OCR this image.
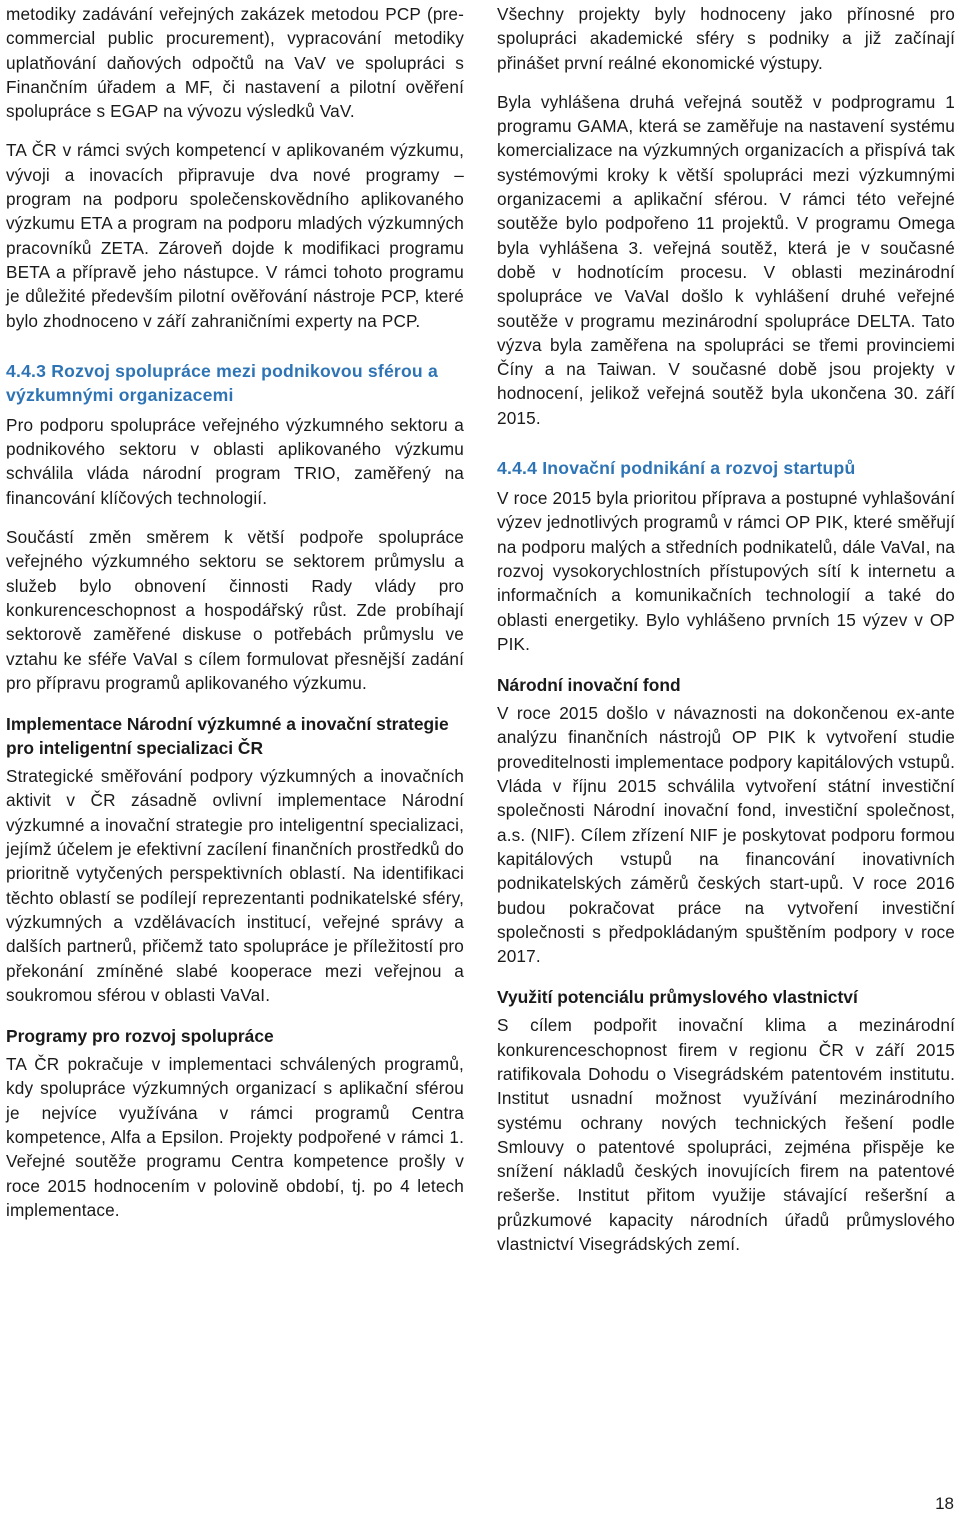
metodiky zadávání veřejných zakázek metodou PCP (pre-commercial public procurement), vypracování metodiky uplatňování daňových odpočtů na VaV ve spolupráci s Finančním úřadem a MF, či nastavení a pilotní ověření spolupráce s EGAP na vývozu výsledků VaV.

TA ČR v rámci svých kompetencí v aplikovaném výzkumu, vývoji a inovacích připravuje dva nové programy – program na podporu společenskovědního aplikovaného výzkumu ETA a program na podporu mladých výzkumných pracovníků ZETA. Zároveň dojde k modifikaci programu BETA a přípravě jeho nástupce. V rámci tohoto programu je důležité především pilotní ověřování nástroje PCP, které bylo zhodnoceno v září zahraničními experty na PCP.

4.4.3 Rozvoj spolupráce mezi podnikovou sférou a výzkumnými organizacemi

Pro podporu spolupráce veřejného výzkumného sektoru a podnikového sektoru v oblasti aplikovaného výzkumu schválila vláda národní program TRIO, zaměřený na financování klíčových technologií.

Součástí změn směrem k větší podpoře spolupráce veřejného výzkumného sektoru se sektorem průmyslu a služeb bylo obnovení činnosti Rady vlády pro konkurenceschopnost a hospodářský růst. Zde probíhají sektorově zaměřené diskuse o potřebách průmyslu ve vztahu ke sféře VaVaI s cílem formulovat přesnější zadání pro přípravu programů aplikovaného výzkumu.

Implementace Národní výzkumné a inovační strategie pro inteligentní specializaci ČR

Strategické směřování podpory výzkumných a inovačních aktivit v ČR zásadně ovlivní implementace Národní výzkumné a inovační strategie pro inteligentní specializaci, jejímž účelem je efektivní zacílení finančních prostředků do prioritně vytyčených perspektivních oblastí. Na identifikaci těchto oblastí se podílejí reprezentanti podnikatelské sféry, výzkumných a vzdělávacích institucí, veřejné správy a dalších partnerů, přičemž tato spolupráce je příležitostí pro překonání zmíněné slabé kooperace mezi veřejnou a soukromou sférou v oblasti VaVaI.

Programy pro rozvoj spolupráce

TA ČR pokračuje v implementaci schválených programů, kdy spolupráce výzkumných organizací s aplikační sférou je nejvíce využívána v rámci programů Centra kompetence, Alfa a Epsilon. Projekty podpořené v rámci 1. Veřejné soutěže programu Centra kompetence prošly v roce 2015 hodnocením v polovině období, tj. po 4 letech implementace.

Všechny projekty byly hodnoceny jako přínosné pro spolupráci akademické sféry s podniky a již začínají přinášet první reálné ekonomické výstupy.

Byla vyhlášena druhá veřejná soutěž v podprogramu 1 programu GAMA, která se zaměřuje na nastavení systému komercializace na výzkumných organizacích a přispívá tak systémovými kroky k větší spolupráci mezi výzkumnými organizacemi a aplikační sférou. V rámci této veřejné soutěže bylo podpořeno 11 projektů. V programu Omega byla vyhlášena 3. veřejná soutěž, která je v současné době v hodnotícím procesu. V oblasti mezinárodní spolupráce ve VaVaI došlo k vyhlášení druhé veřejné soutěže v programu mezinárodní spolupráce DELTA. Tato výzva byla zaměřena na spolupráci se třemi provinciemi Číny a na Taiwan. V současné době jsou projekty v hodnocení, jelikož veřejná soutěž byla ukončena 30. září 2015.

4.4.4 Inovační podnikání a rozvoj startupů

V roce 2015 byla prioritou příprava a postupné vyhlašování výzev jednotlivých programů v rámci OP PIK, které směřují na podporu malých a středních podnikatelů, dále VaVaI, na rozvoj vysokorychlostních přístupových sítí k internetu a informačních a komunikačních technologií a také do oblasti energetiky. Bylo vyhlášeno prvních 15 výzev v OP PIK.

Národní inovační fond

V roce 2015 došlo v návaznosti na dokončenou ex-ante analýzu finančních nástrojů OP PIK k vytvoření studie proveditelnosti implementace podpory kapitálových vstupů. Vláda v říjnu 2015 schválila vytvoření státní investiční společnosti Národní inovační fond, investiční společnost, a.s. (NIF). Cílem zřízení NIF je poskytovat podporu formou kapitálových vstupů na financování inovativních podnikatelských záměrů českých start-upů. V roce 2016 budou pokračovat práce na vytvoření investiční společnosti s předpokládaným spuštěním podpory v roce 2017.

Využití potenciálu průmyslového vlastnictví

S cílem podpořit inovační klima a mezinárodní konkurenceschopnost firem v regionu ČR v září 2015 ratifikovala Dohodu o Visegrádském patentovém institutu. Institut usnadní možnost využívání mezinárodního systému ochrany nových technických řešení podle Smlouvy o patentové spolupráci, zejména přispěje ke snížení nákladů českých inovujících firem na patentové rešerše. Institut přitom využije stávající rešeršní a průzkumové kapacity národních úřadů průmyslového vlastnictví Visegrádských zemí.

18
